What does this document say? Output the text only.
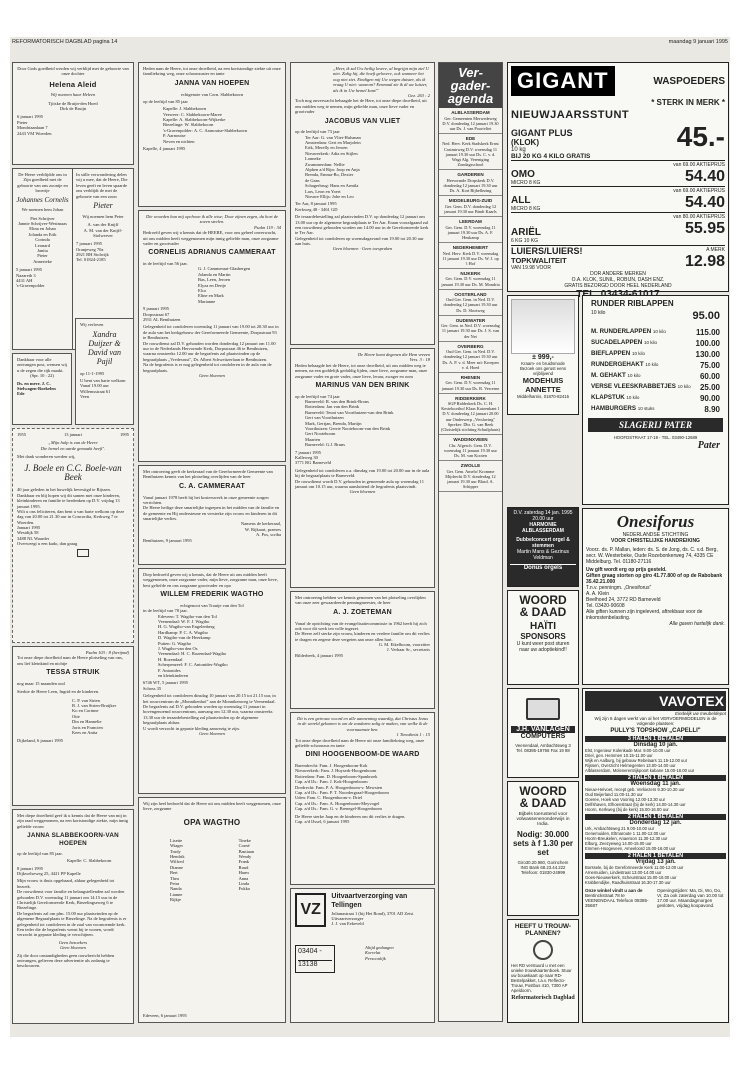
REFORMATORISCH DAGBLAD pagina 14	maandag 9 januari 1995
Door Gods goedheid werden wij verblijd met de geboorte van onze dochter
Helena Aleid
Wij noemen haar Heleen
Tjitske de Bruijn-den Hoed
Dirk de Bruijn
6 januari 1995
Pieter
Mondriaanlaan 7
2443 VM Woerden
De Heere verblijdde ons in Zijn goedheid met de geboorte van ons zoontje en broertje
Johannes Cornelis
We noemen hem Johan
Piet Schrijver
Jannie Schrijver-Westmaas
Elina en Johan
Jolanda en Erik
Corinda
Leonard
Janita
Pieter
Annerieke
5 januari 1995
Nazareth 3
4431 AH
's-Gravenpolder
In stille verwondering delen wij u mee, dat de Heere, Die leven geeft en leven spaarde ons verblijdt de met de geboorte van een zoon
Pieter
Wij noemen hem Peter
A. van der Knijff
A. M. van der Knijff-Stolwerver
7 januari 1995
Oranjeweg 70a
2921 BH Stolwijk
Tel. 01824-2185
Dankbaar voor alle ontvangen post, wensen wij u de zegen die rijk maakt.
(Spr. 10 : 22)
Ds. en mevr. J. C. Stelwagen-Roekelen
Ede
Wij verloven
Xandra Duijzer & David van Pajil
op 11-1-1995
U bent van harte welkom
Vanaf 19.00 uur
Willemsstraat 61
Veen
1955	13 januari	1995
„Mijn hulp is van de Heere
Die hemel en aarde gemaakt heeft".
Met dank wonderen werden wij,
J. Boele en C.C. Boele-van Beek
40 jaar geleden in het huwelijk bevestigd te Rijssen.
Dankbaar en blij hopen wij dit samen met onze kinderen, kleinkinderen en familie te herdenken op D.V. vrijdag 13 januari 1995.
Wilt u ons feliciteren, dan bent u van harte welkom op deze dag van 20.00 tot 21.30 uur in Concordia, Kerkweg 7 te Woerden.
Januari 1995
Westdijk 58
3488 NL Waarder
Overweegt u een kado, dan graag
Psalm 103 : 8 (berijmd)
Tot onze diepe droefheid nam de Heere plotseling van ons, ons lief kleinkind en nichtje
TESSA STRUIK
nog maar 15 maanden oud
Sterkte de Heere Leen, Ingrid en de kinderen.
C. P. van Strien
B. J. van Strien-Bruijker
Ko en Corinne
Otte
Din en Hannelie
Joris en Francien
Kees en Anita
Dijkeland, 6 januari 1995
Met diepe droefheid geef ik u kennis dat de Heere van mij in zijn raad weggenomen, na een kortstondige ziekte, mijn innig geliefde vrouw
JANNA SLABBEKOORN-VAN HOEPEN
op de leeftijd van 85 jaar.
Kapelle: C. Slabbekoorn
8 januari 1995
Dijkwelseweg 25, 4421 PP Kapelle
Mijn vrouw is thuis opgebaard, aldaar gelegenheid tot bezoek.
De rouwdienst voor familie en belangstellenden zal worden gehouden D.V. woensdag 11 januari om 14.15 uur in de Christelijk Gereformeerde Kerk, Biezelingseweg 6 te Biezelinge.
De begrafenis zal om plm. 15.00 uur plaatsvinden op de algemene Begraafplaats te Biezelinge. Na de begrafenis is er gelegenheid tot condoleren in de zaal van voornoemde kerk.
Een ieder die de begrafenis wenst bij te wonen, wordt verzocht in gepaste kleding te verschijnen.
Geen bezoekers
Geen bloemen
Zij die door onstandigheden geen rouwbericht hebben ontvangen, gelieven deze advertentie als zodanig te beschouwen.
Heden nam de Heere, tot onze droefheid, na een kortstondige ziekte uit onze familiekring weg, onze schoonzuster en tante
JANNA VAN HOEPEN
echtgenote van Corn. Slabbekoorn
op de leeftijd van 85 jaar
Kapelle: J. Slabbekoorn
Veeweer: C. Slabbekoorn-Maree
Kapelle: A. Slabbekoorn-Wijkerke
Biezelinge: W. Slabbekoorn
's-Gravenpolder: A. C. Aarnoutse-Slabbekoorn
P. Aarnoutse
Neven en nichten
Kapelle, 4 januari 1995
Die woorden hun mij opchoon ik alle wise; Door zijnen zegen, du hort de zoeen strelen.
Psalm 119 : 34
Bedroefd geven wij u kennis dat de HEERE, voor ons geheel onverwacht, uit ons midden heeft weggenomen mijn innig geliefde man, onze zorgzame vader en grootvader
CORNELIS ADRIANUS CAMMERAAT
in de leeftijd van 56 jaar.
G. J. Cammeraat-Glasbergen
Jolanda en Martin
Bas, Leen, Jeroen
Elyza en Dertje
Elco
Eline en Mark
Marianne
9 januari 1995
Dorpsstraat 67
2931 AL Benthuizen
Gelegenheid tot condoleren woensdag 11 januari van 19.00 tot 20.30 uur in de aula van het kerkgebouw der Gereformeerde Gemeente, Dorpsstraat 93 te Benthuizen.
De rouwdienst zal D.V. gehouden worden donderdag 12 januari om 11.00 uur in de Nederlands Hervormde Kerk, Dorpsstraat 46 te Benthuizen, waarna omstreeks 12.00 uur de begrafenis zal plaatsvinden op de begraafplaats „Vredesrust", Dr. Albert Schweitzerlaan te Benthuizen.
Na de begrafenis is er nog gelegenheid tot condoleren in de aula van de begraafplaats.
Geen bloemen
Met ontroering geeft de kerkeraad van de Gereformeerde Gemeente van Benthuizen kennis van het plotseling overlijden van de heer
C. A. CAMMERAAT
Vanaf januari 1978 heeft hij het kosterswerk in onze gemeente zorgen verrichten.
De Heere heilige deze smartelijke ingrepen in het midden van de familie en de gemeente en Hij ondersteune en versterke zijn vrouw en kinderen in dit smartelijke verlies.
Namens de kerkeraad,
W. Rijkaart, praeses
A. Pos, scriba
Benthuizen, 9 januari 1995
Diep bedroefd geven wij u kennis, dat de Heere uit ons midden heeft weggenomen, onze zorgzame vader, mijn lieve, zorgzame man, onze lieve, best geliefde en ons zorgzame grootvader en opa
WILLEM FREDERIK WAGTHO
echtgenoot van Trautje van den Tol
in de leeftijd van 78 jaar.
Edeveen: T. Wagtho-van den Tol
Veenendaal: W. F. J. Wagtho
H. G. Wagtho-van Engelenberg
Hardkamp: P. C. A. Wagtho
D. Wagtho-van de Heerkamp
Putten: G. Wagtho
J. Wagtho-van den Os
Veenendaal: H. C. Rozendaal-Wagtho
H. Rozendaal
Scherpenzeel: F. C. Antonides-Wagtho
F. Antonides
en kleinkinderen
6746 WT, 5 januari 1995
Schoss 35
Gelegenheid tot condoleren dinsdag 10 januari van 20.15 tot 21.15 uur, in het rouwcentrum de „Monnikenhof" aan de Monnikenweg te Veenendaal.
De begrafenis zal D.V. gehouden worden op woensdag 11 januari in bovengenoemd rouwcentrum, aanvang om 12.30 uur, waarna omstreeks 13.30 uur de teraardebestelling zal plaatsvinden op de algemene begraafplaats aldaar.
U wordt verzocht in gepaste kleding aanwezig te zijn.
Geen bloemen
Wij zijn heel bedroefd dat de Heere uit ons midden heeft weggenomen, onze lieve, zorgzame
OPA WAGTHO
Lisette
Wiager
Trudy
Hendrik
Wilfred
Dianne
Bert
Thea
Petra
Nanda
Lianne
Rijkje
Tineke
Corné
Bastiaan
Wendy
Frank
Ruud
Harm
Anna
Linda
Fokko
Edeveen, 6 januari 1995
„Heer, ik zal Uw heilig lovere, al begrijpt mijn ziel U niet. Zalig hij, die hoeft gelovere, ook wanneer het oog niet ziet. Eindigen mij Uw wegen duister, als ik vraag U niet: waarom? Eenmaal zie ik ál uw luister, als ik in Uw hemel kom!"
Gez. 263 : 2
Toch nog onverwacht behaagde het de Here, tot onze diepe droefheid, uit ons midden weg te nemen, mijn geliefde man, onze lieve vader en grootvader
JACOBUS VAN VLIET
op de leeftijd van 73 jaar
Ter Aar: G. van Vliet-Hulsman
Amsterdam: Gert en Marjolein
Erik, Merelly en Jeroen
Nieuwerkerk: Adia en Stijlen
Lonneke
Zwammerdam: Nellie
Alphen a/d Rijn: Joop en Anja
Brenda, Emma-Bo, Dexter
de Gans
Schagerbrug: Hans en Armila
Lars, Leon en Yoert
Nieuwe Ellijs: Jobe en Leo
Ter Aar, 8 januari 1995
Kerkweg 48 - 3461 GD
De teraardebestelling zal plaatsvinden D.V. op donderdag 12 januari om 13.00 uur op de algemene begraafplaats te Ter Aar. Eraan voorafgaand zal een rouwdienst gehouden worden om 14.00 uur in de Gereformeerde kerk te Ter Aar.
Gelegenheid tot condoleren op woensdagavond van 19.00 tot 20.30 uur aan huis.
Geen bloemen · Geen toespraken
De Heere komt degenen die Hem vrezen
Vers. 3 : 18
Heden behaagde het de Heere, tot onze droefheid, uit ons midden weg te nemen, na een goddelijk geduldig lijden, onze lieve, zorgzame man, onze zorgzame vader en grote vader, onze lieve, leraar, zwager en oom
MARINUS VAN DEN BRINK
op de leeftijd van 74 jaar
Barneveld: R. van den Brink-Brons
Rotterdam: Jan van den Brink
Barneveld: Teuni van Voorthuizen-van den Brink
Gert van Voorthuizen
Mark, Gertjan, Brenda, Martijn
Voorthuizen: Gerrie Nooteboom-van den Brink
Gert Nooteboom
Maarten
Barneveld: G.J. Bruns
7 januari 1995
Kalleweg 30
3771 RG Barneveld
Gelegenheid tot condoleren o.a. dinsdag van 19.00 tot 20.00 uur in de aula bij de begraafplaats te Barneveld.
De rouwdienst wordt D.V. gehouden in genoemde aula op woensdag 11 januari om 10.15 uur, waarna aansluitend de begrafenis plaatsvindt.
Geen bloemen
Met ontroering hebben we kennis genomen van het plotseling overlijden van onze zeer gewaardeerde penningmeester, de heer
A. J. ZOETEMAN
Vanaf de oprichting van de evangelisatiecommissie in 1962 heeft hij zich ook voor dit werk ten volle ingezet.
De Heere zelf sterke zijn vrouw, kinderen en verdere familie om dit verlies te dragen en zegene deze vergeten aan onze allen hart.
G. M. Eikelboom, voorzitter
J. Verhaar Sr., secretaris
Bilderbeek, 4 januari 1995
Dit is een getrouw woord en alle aanneming waardig, dat Christus Jezus in de wereld gekomen is om de zondaren zalig te maken, van welke ik de voornaamste ben.
1 Timotheüs 1 : 15
Tot onze diepe droefheid nam de Heere uit onze familiekring weg, onze geliefde schoonzus en tante
DINI HOOGENBOOM-DE WAARD
Barendrecht: Fam. J. Hoogenboom-Kok
Nieuwerkerk: Fam. J. Huyserk-Hoogenboom
Rotterdam: Fam. D. Hoogenboom-Spanbroek
Cap. a/d IJs.: Fam. J. Kok-Hoogenboom
Dordrecht: Fam. P. A. Hoogenboom-v. Mewsten
Cap. a/d IJs.: Fam. P. T. Noordergraaf-Hoogenboom
Uden: Fam. C. Hoogenboom-v. Driel
Cap. a/d IJs.: Fam. A. Hoogenboom-Meyvogel
Cap. a/d IJs.: Fam. G. v. Brenegel-Hoogenboom
De Heere sterke Jaap en de kinderen om dit verlies te dragen.
Cap. a/d IJssel, 6 januari 1995
VZ
Uitvaartverzorging van Tellingen
Julianastraat 1 (bij Het Rond), 3701 AD Zeist
Uitvaartverzorger
J. J. van Eekeveld
03404 -
13138
Altijd geduagen
Korrelat
Persoonlijk
Ver-gader-agenda
ALBLASSERDAM
Ger. Gemeenten Merwedeweg D.V. donderdag 12 januari 19.30 uur Ds. J. van Poortvliet
EDE
Ned. Herv. Kerk Stadskerk Ernst Casimirweg D.V. woensdag 11 januari 19.30 uur Ds. C. v. d. Wagt Alg. Vereniging Zondagsschool
GARDEREN
Hervormde Dorpskerk D.V. donderdag 12 januari 19.30 uur Ds. A. Kort Bijbellezing
MIDDELBURG-ZUID
Ger. Gem. D.V. donderdag 12 januari 19.30 uur Bindt Kaarls
LEERDAM
Ger. Gem. D.V. woensdag 11 januari 19.30 uur Ds. A. F. Heukamp
NEDERHEMERT
Ned. Herv. Kerk D.V. woensdag 11 januari 19.30 uur Ds. W. J. op 't Hof
NIJKERK
Ger. Gem. D.V. woensdag 11 januari 19.30 uur Ds. M. Mondria
OOSTERLAND
Oud Ger. Gem. in Ned. D.V. donderdag 12 januari 19.30 uur Ds. D. Slootweg
OUDEWATER
Ger. Gem. in Ned. D.V. woensdag 11 januari 19.30 uur Ds. J. S. van der Net
OVERBERG
Oud Ger. Gem. in Ned. D.V. donderdag 12 januari 19.30 uur Ds. A. P. v. d. Meer m/r Kroepen v. d. Hoed
RHENEN
Ger. Gem. D.V. woensdag 11 januari 19.30 uur Ds. R. Vercerne
RIDDERKERK
SGP Ridderkerk Ds. C. H. Kesteloorthof Klaas Katoenkant 1 D.V. donderdag 12 januari 20.00 uur Onderwerp „Verslaving" Spreker: Dhr. G. van Beek (Christelijk stichting Schuilplaats)
WADDINXVEEN
Chr. Afgesch. Gem. D.V. woensdag 11 januari 19.30 uur Ds. M. van Kooten
ZWOLLE
Ger. Gem. Amelo/ Kromme Mijdrecht D.V. donderdag 12 januari 19.30 uur Blasd. A. Schipper
GIGANT	WASPOEDERS
* STERK IN MERK *
NIEUWJAARSSTUNT
GIGANT PLUS
(KLOK)
10 kg	45.-
BIJ 20 KG 4 KILO GRATIS
OMO
MICRO 8 KG
van 69.00 AKTIEPRIJS
54.40
ALL
MICRO 8 KG
van 69.00 AKTIEPRIJS
54.40
ARIËL
van 80.00 AKTIEPRIJS
55.95
6 KG 10 KG
LUIERS/LUIERS!
TOPKWALITEIT
VAN 19.98 VOOR
A MERK
12.98
DOR ANDERE MERKEN
O.A. KLOK, SUNIL, ROBIJN, DASH ENZ.
GRATIS BEZORGD DOOR HEEL NEDERLAND
± 999,-
Kraam- en bruidsmode
Bezoek ons gerust eens vrijblijvend
MODEHUIS ANNETTE
Middelharnis, 01870-82415
RUNDER RIBLAPPEN
10 kilo	95.00
M. RUNDERLAPPEN 10 kilo	115.00
SUCADELAPPEN 10 kilo	100.00
BIEFLAPPEN 10 kilo	130.00
RUNDERGEHAKT 10 kilo	75.00
M. GEHAKT 10 kilo	60.00
VERSE VLEESKRABBETJES 10 kilo 25.00
KLAPSTUK 10 kilo	90.00
HAMBURGERS 10 stuks	8.90
SLAGERIJ PATER
HOOFDSTRAAT 17-19 - TEL. 03490-12689
Pater
D.V. zaterdag 14 jan. 1995
20.00 uur
HARMONIE ALBLASSERDAM
Dubbelconcert orgel & stemmen
Martin Mans & Gezinus Veldman
Donus orgels
WOORD
& DAAD
HAÏTI
SPONSORS
U kunt weer post sturen naar uw adoptiekind!!
Onesiforus
NEDERLANDSE STICHTING
VOOR CHRISTELIJKE HANDREIKING
Voorz. ds. P. Mallan, leden: ds. S. de Jong, ds. C. v.d. Berg, secr. W. Westerbeke, Oude Rozebonkerweg 74, 4335 CE Middelburg. Tel. 01180-27116
Uw gift wordt erg op prijs gesteld.
Giften graag storten op giro 41.77.800 of op de Rabobank 35.42.21.000
T.n.v. penningm. „Onesiforus"
A. A. Klein
Beelhoed 24, 3772 RD Barneveld
Tel. 03420-90608
Alle giften kunnen zijn ingeleverd, aftrekbaar voor de inkomstenbelasting.
Alle gaven hartelijk dank.
J.H. VANLAGEN
COMPUTERS
Veenendaal, Ambachtsweg 3
Tel. 08385-19766 Fax 19 88
VAVOTEX
Eindelijk uw meubeldepot
Wij zijn 6 dagen werkt van al het VERVOERMIDDELEN in de volgende plaatsen:
PULLY'S TOPSHOW „CAPELLI"
3 HALEN 1 BETALEN
Dinsdag 10 jan.
Elst, Ingenieur Kolenkade Mar. 9.00-10.00 uur
Driel, gen. Hemmen 10.15-11.00 uur
Wijk en Aalburg, bij gebouw Rebelaars 11.15-12.00 uur
Rijssen, Overzicht Helmegenten 13.00-14.00 uur
Alblasserdam, Molenerentrijkpoort kabane 15.00-16.00 uur
2 HALEN 1 BETALEN
Woensdag 11 jan.
Nieuw-Helvoet, recept geb. Verkiezers 9.30-10.30 uur
Oud Beijerland 11.00-11.30 uur
Goeree, Hoek van Vooring 12.00-13.30 uur
Delfshaven, Elhoenstraat (bij de kerk) 14.00-14.30 uur
Hoorn, Kerkweg (bij de kerk) 15.00-16.00 uur
2 HALEN 1 BETALEN
Donderdag 12 jan.
Urk, Ambachtsweg 21 9.00-10.00 uur
Genemuiden, Eltmaroute 1 11.00-12.00 uur
Hoorn-Breukelen, Anaeroon 11.30-12.30 uur
Elburg, Zeezyeweg 14.00-15.00 uur
Emmen-Hoogeveen, Ameeloord 15.00-16.00 uur
2 HALEN 1 BETALEN
Vrijdag 13 jan.
Borssele, bij de Gereformeerde Kerk 11.00-12.00 uur
Arnemuiden, Lindestraat 13.00-14.00 uur
Goes-Nieuwerkerk, Scheurstraat 15.00-16.00 uur
Krabbendijke, Raadhuisstraat 16.30-17.30 uur
Onze winkel vindt u aan de
Bentinckstraat 78 te VEENENDAAL Telefoon 08385-35687
Openingstijden: Ma, Di, Wo, Do, Vr, Za ook zaterdag van 10.00 tot 17.00 uur. Maandagmorgen gesloten, vrijdag koopavond.
WOORD
& DAAD
Bijbels toerustend voor volwassenenonderwijs in India.
Nodig: 30.000 sets à f 1.30 per set
Giro30.20.980, Gorinchem
ING Bank 68.23.44.222
Telefoon: 01830-24999
HEEFT U TROUW-PLANNEN?
Het RD verstuurd u met een unieke trouwkaartenboek. Stuur uw bouwkaart op naar RD-Bestelpakket, t.a.v. Reflecto-Trouw, Postbus 410, 7300 AP Apeldoorn.
Reformatorisch Dagblad
